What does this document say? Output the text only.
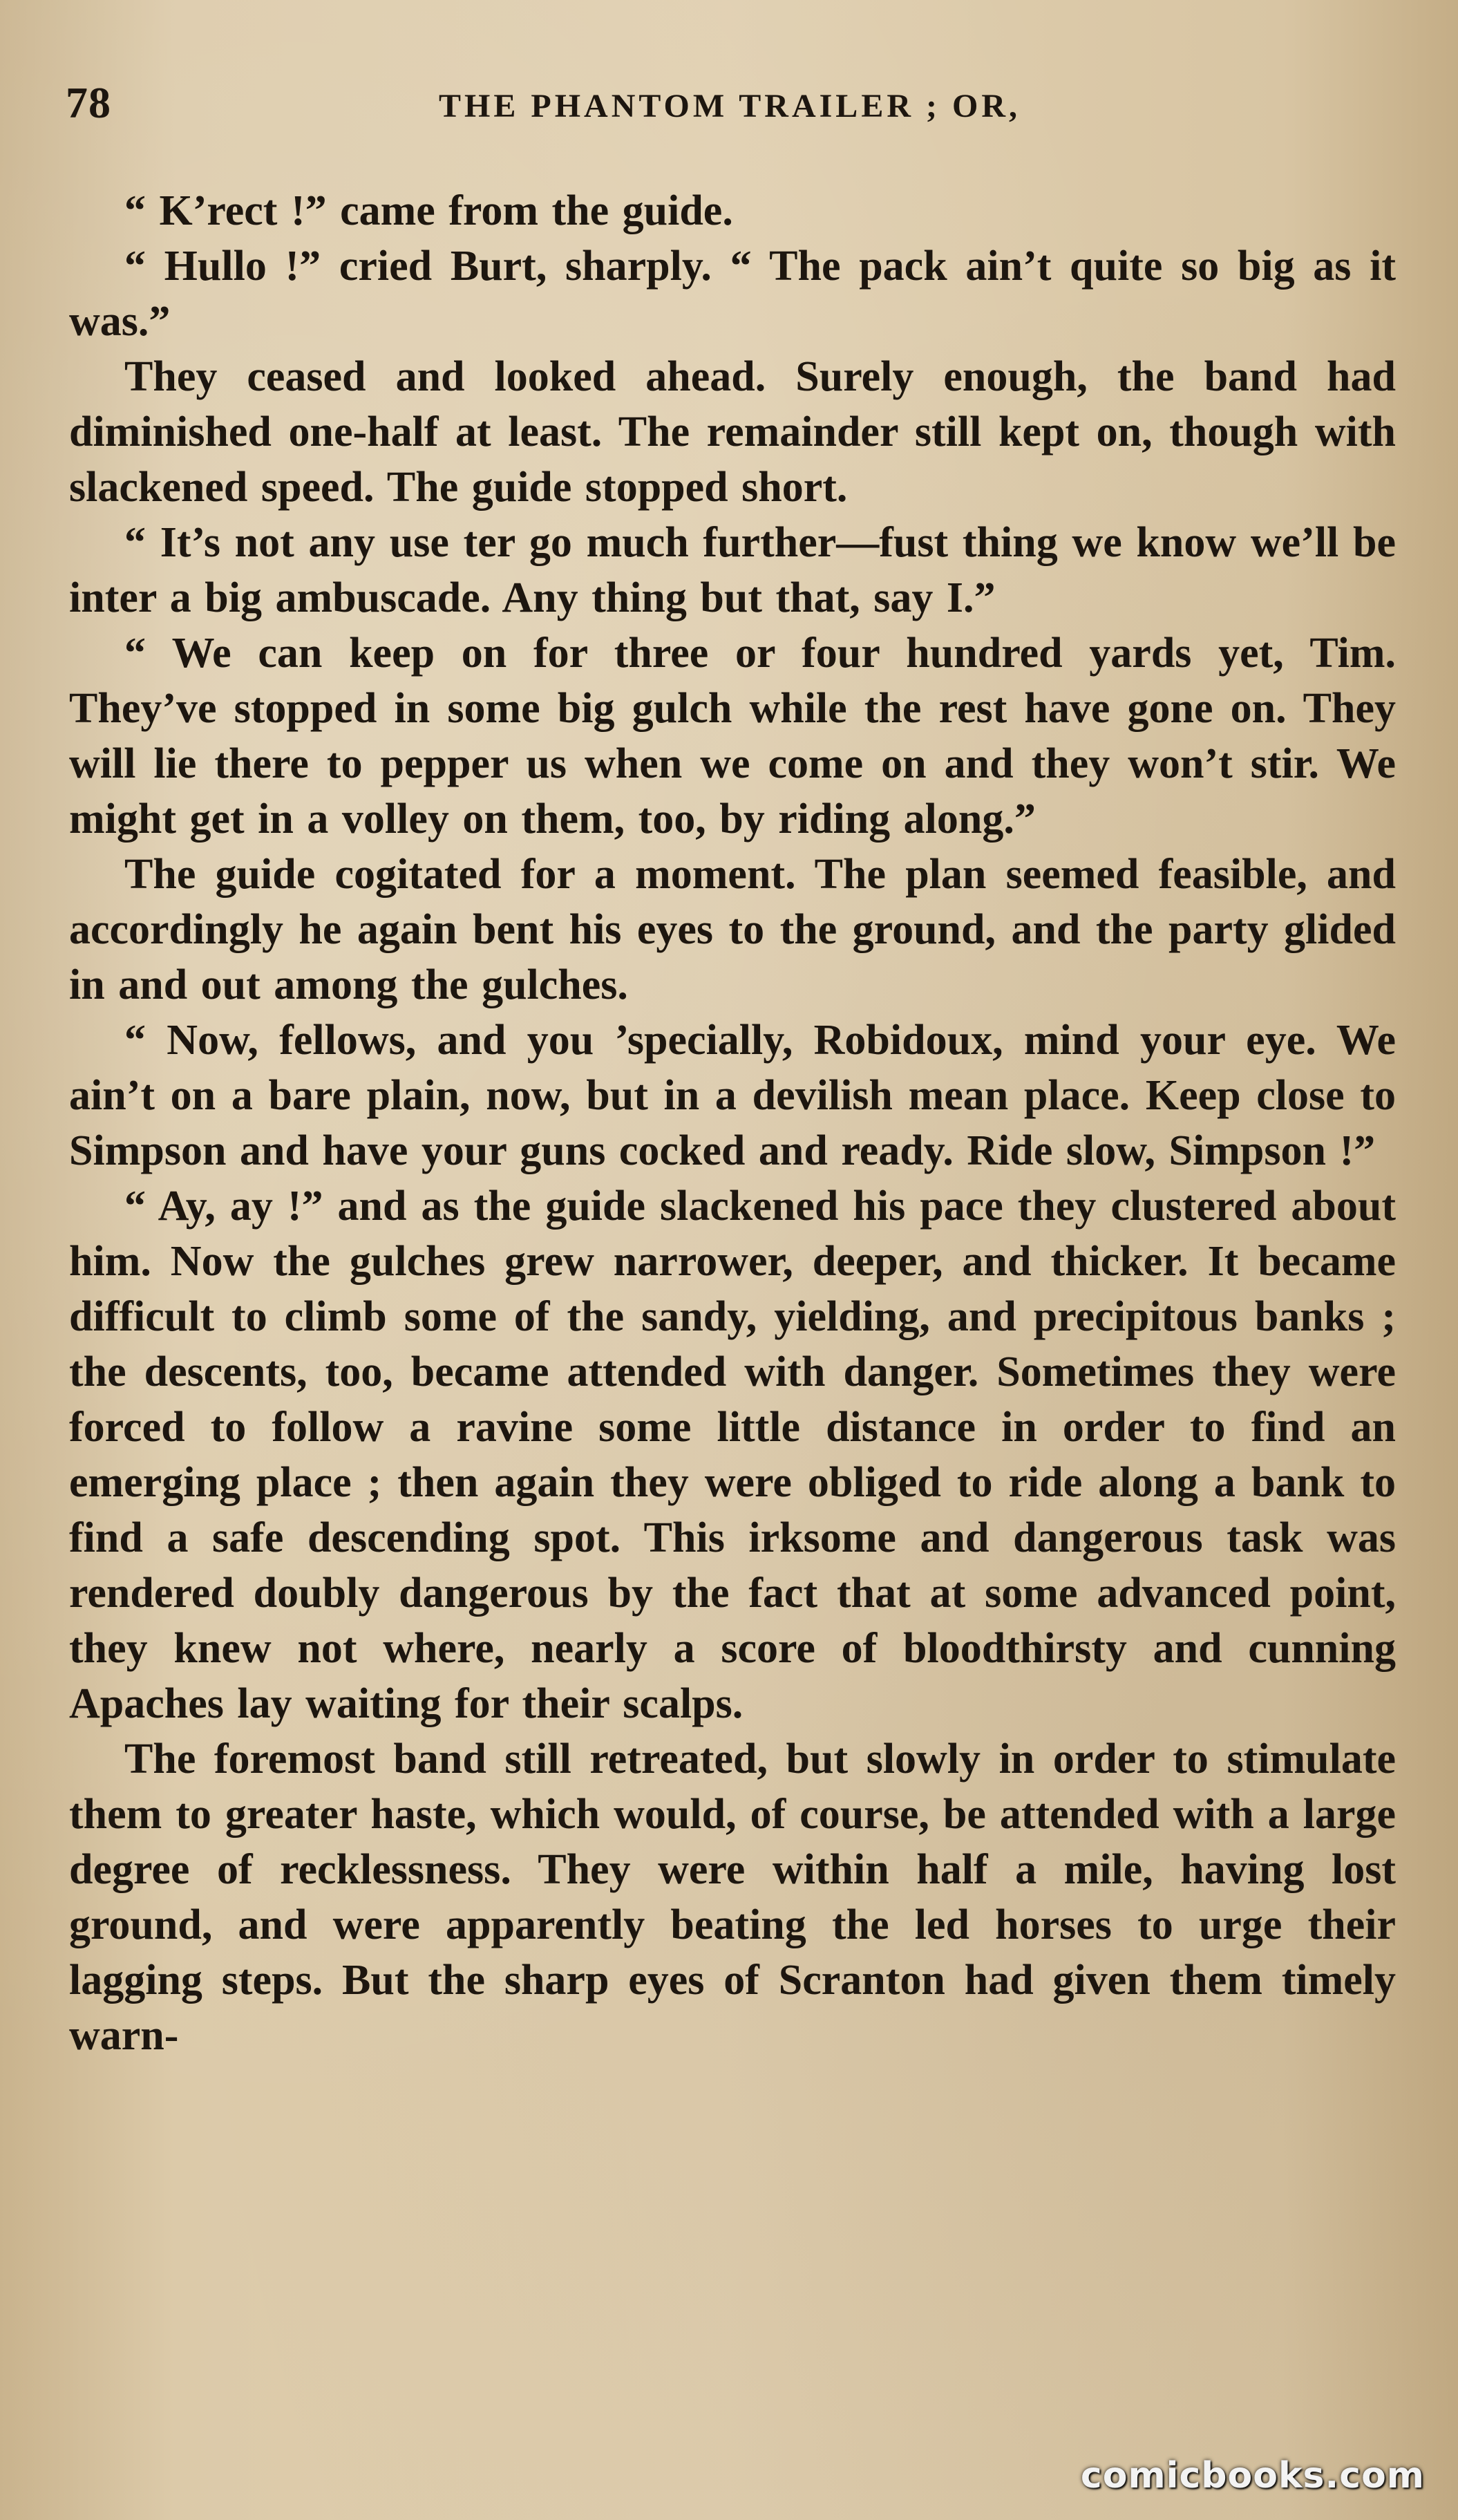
78	THE PHANTOM TRAILER ; OR,

“ K’rect !” came from the guide.

“ Hullo !” cried Burt, sharply. “ The pack ain’t quite so big as it was.”

They ceased and looked ahead. Surely enough, the band had diminished one-half at least. The remainder still kept on, though with slackened speed. The guide stopped short.

“ It’s not any use ter go much further—fust thing we know we’ll be inter a big ambuscade. Any thing but that, say I.”

“ We can keep on for three or four hundred yards yet, Tim. They’ve stopped in some big gulch while the rest have gone on. They will lie there to pepper us when we come on and they won’t stir. We might get in a volley on them, too, by riding along.”

The guide cogitated for a moment. The plan seemed feasible, and accordingly he again bent his eyes to the ground, and the party glided in and out among the gulches.

“ Now, fellows, and you ’specially, Robidoux, mind your eye. We ain’t on a bare plain, now, but in a devilish mean place. Keep close to Simpson and have your guns cocked and ready. Ride slow, Simpson !”

“ Ay, ay !” and as the guide slackened his pace they clustered about him. Now the gulches grew narrower, deeper, and thicker. It became difficult to climb some of the sandy, yielding, and precipitous banks ; the descents, too, became attended with danger. Sometimes they were forced to follow a ravine some little distance in order to find an emerging place ; then again they were obliged to ride along a bank to find a safe descending spot. This irksome and dangerous task was rendered doubly dangerous by the fact that at some advanced point, they knew not where, nearly a score of bloodthirsty and cunning Apaches lay waiting for their scalps.

The foremost band still retreated, but slowly in order to stimulate them to greater haste, which would, of course, be attended with a large degree of recklessness. They were within half a mile, having lost ground, and were apparently beating the led horses to urge their lagging steps. But the sharp eyes of Scranton had given them timely warn-

comicbooks.com
